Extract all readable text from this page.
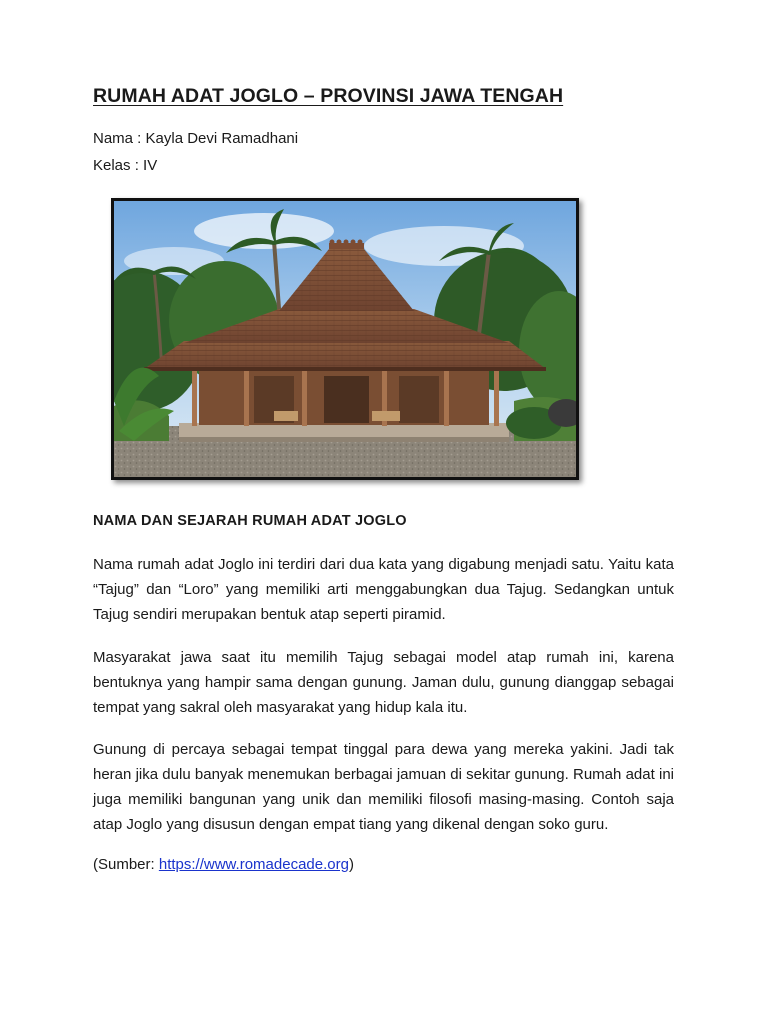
RUMAH ADAT JOGLO – PROVINSI JAWA TENGAH
Nama : Kayla Devi Ramadhani
Kelas : IV
NAMA DAN SEJARAH RUMAH ADAT JOGLO

Nama rumah adat Joglo ini terdiri dari dua kata yang digabung menjadi satu. Yaitu kata “Tajug” dan “Loro” yang memiliki arti menggabungkan dua Tajug. Sedangkan untuk Tajug sendiri merupakan bentuk atap seperti piramid.

Masyarakat jawa saat itu memilih Tajug sebagai model atap rumah ini, karena bentuknya yang hampir sama dengan gunung. Jaman dulu, gunung dianggap sebagai tempat yang sakral oleh masyarakat yang hidup kala itu.

Gunung di percaya sebagai tempat tinggal para dewa yang mereka yakini. Jadi tak heran jika dulu banyak menemukan berbagai jamuan di sekitar gunung. Rumah adat ini juga memiliki bangunan yang unik dan memiliki filosofi masing-masing. Contoh saja atap Joglo yang disusun dengan empat tiang yang dikenal dengan soko guru.

(Sumber: https://www.romadecade.org)
